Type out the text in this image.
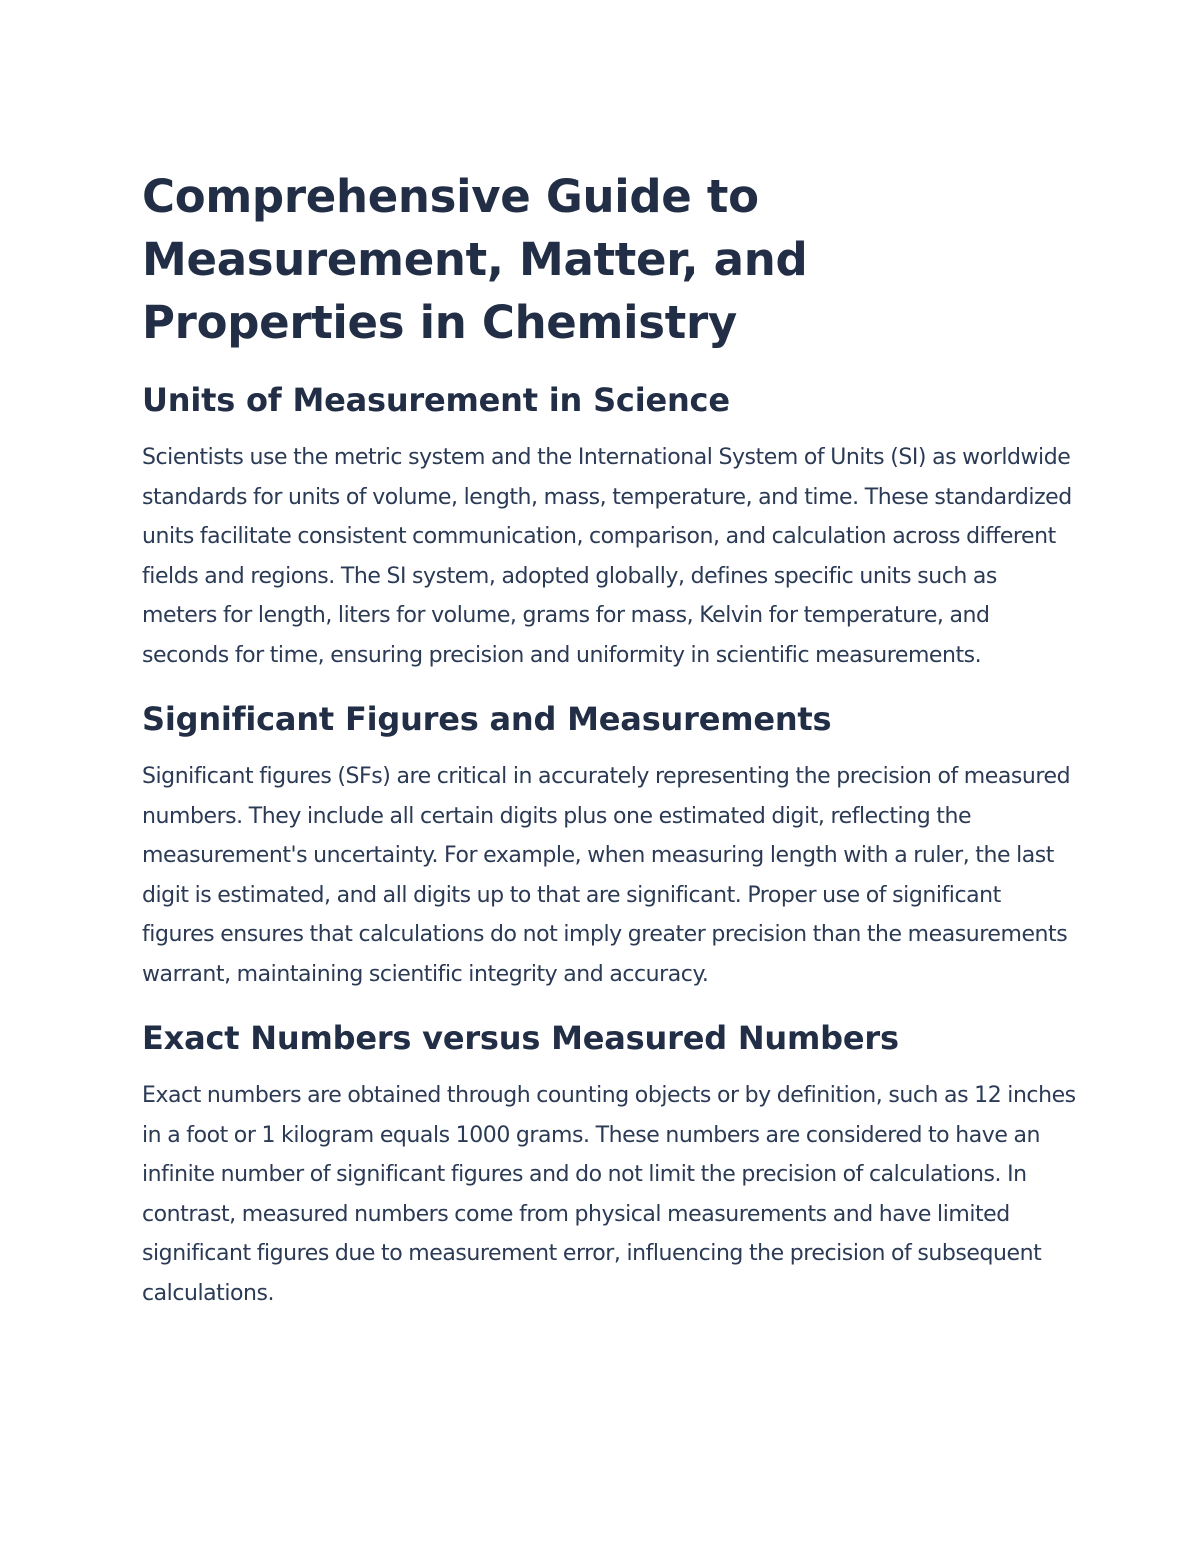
Comprehensive Guide to Measurement, Matter, and Properties in Chemistry
Units of Measurement in Science

Scientists use the metric system and the International System of Units (SI) as worldwide standards for units of volume, length, mass, temperature, and time. These standardized units facilitate consistent communication, comparison, and calculation across different fields and regions. The SI system, adopted globally, defines specific units such as meters for length, liters for volume, grams for mass, Kelvin for temperature, and seconds for time, ensuring precision and uniformity in scientific measurements.

Significant Figures and Measurements

Significant figures (SFs) are critical in accurately representing the precision of measured numbers. They include all certain digits plus one estimated digit, reflecting the measurement's uncertainty. For example, when measuring length with a ruler, the last digit is estimated, and all digits up to that are significant. Proper use of significant figures ensures that calculations do not imply greater precision than the measurements warrant, maintaining scientific integrity and accuracy.

Exact Numbers versus Measured Numbers

Exact numbers are obtained through counting objects or by definition, such as 12 inches in a foot or 1 kilogram equals 1000 grams. These numbers are considered to have an infinite number of significant figures and do not limit the precision of calculations. In contrast, measured numbers come from physical measurements and have limited significant figures due to measurement error, influencing the precision of subsequent calculations.
